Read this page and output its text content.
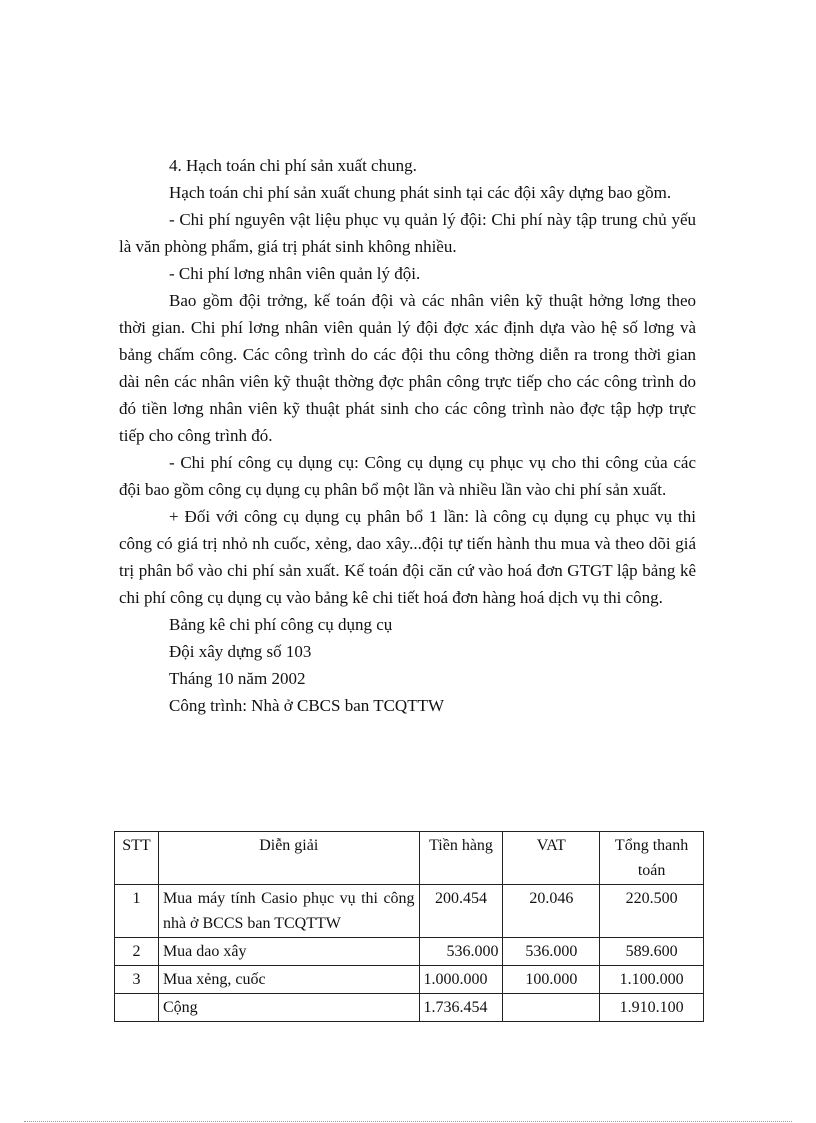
4. Hạch toán chi phí sản xuất chung.

Hạch toán chi phí sản xuất chung phát sinh tại các đội xây dựng bao gồm.

- Chi phí nguyên vật liệu phục vụ quản lý đội: Chi phí này tập trung chủ yếu là văn phòng phẩm, giá trị phát sinh không nhiều.

- Chi phí lơng nhân viên quản lý đội.

Bao gồm đội trởng, kế toán đội và các nhân viên kỹ thuật hởng lơng theo thời gian. Chi phí lơng nhân viên quản lý đội đợc xác định dựa vào hệ số lơng và bảng chấm công. Các công trình do các đội thu công thờng diễn ra trong thời gian dài nên các nhân viên kỹ thuật thờng đợc phân công trực tiếp cho các công trình do đó tiền lơng nhân viên kỹ thuật phát sinh cho các công trình nào đợc tập hợp trực tiếp cho công trình đó.

- Chi phí công cụ dụng cụ: Công cụ dụng cụ phục vụ cho thi công của các đội bao gồm công cụ dụng cụ phân bổ một lần và nhiều lần vào chi phí sản xuất.

+ Đối với công cụ dụng cụ phân bổ 1 lần: là công cụ dụng cụ phục vụ thi công có giá trị nhỏ nh cuốc, xẻng, dao xây...đội tự tiến hành thu mua và theo dõi giá trị phân bổ vào chi phí sản xuất. Kế toán đội căn cứ vào hoá đơn GTGT lập bảng kê chi phí công cụ dụng cụ vào bảng kê chi tiết hoá đơn hàng hoá dịch vụ thi công.

Bảng kê chi phí công cụ dụng cụ

Đội xây dựng số 103

Tháng 10 năm 2002

Công trình: Nhà ở CBCS ban TCQTTW

STT	Diễn giải	Tiền hàng	VAT	Tổng thanh toán
1	Mua máy tính Casio phục vụ thi công nhà ở BCCS ban TCQTTW	200.454	20.046	220.500
2	Mua dao xây	536.000	536.000	589.600
3	Mua xẻng, cuốc	1.000.000	100.000	1.100.000
	Cộng	1.736.454		1.910.100
